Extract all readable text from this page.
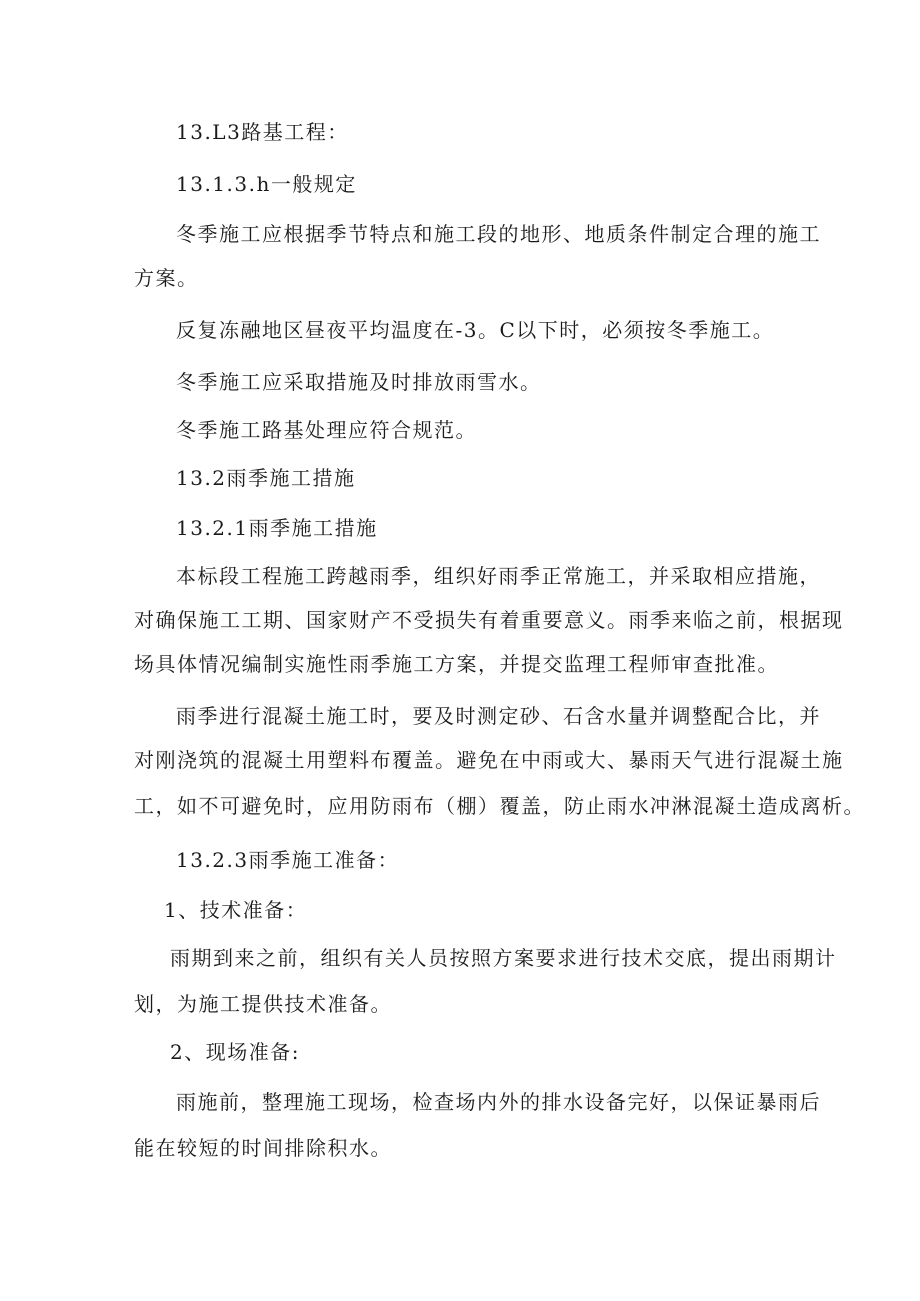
13.L3路基工程：
13.1.3.h一般规定
冬季施工应根据季节特点和施工段的地形、地质条件制定合理的施工
方案。
反复冻融地区昼夜平均温度在-3。C以下时，必须按冬季施工。
冬季施工应采取措施及时排放雨雪水。
冬季施工路基处理应符合规范。
13.2雨季施工措施
13.2.1雨季施工措施
本标段工程施工跨越雨季，组织好雨季正常施工，并采取相应措施，
对确保施工工期、国家财产不受损失有着重要意义。雨季来临之前，根据现
场具体情况编制实施性雨季施工方案，并提交监理工程师审查批准。
雨季进行混凝土施工时，要及时测定砂、石含水量并调整配合比，并
对刚浇筑的混凝土用塑料布覆盖。避免在中雨或大、暴雨天气进行混凝土施
工，如不可避免时，应用防雨布（棚）覆盖，防止雨水冲淋混凝土造成离析。
13.2.3雨季施工准备：
1、技术准备：
雨期到来之前，组织有关人员按照方案要求进行技术交底，提出雨期计
划，为施工提供技术准备。
2、现场准备:
雨施前，整理施工现场，检查场内外的排水设备完好，以保证暴雨后
能在较短的时间排除积水。
